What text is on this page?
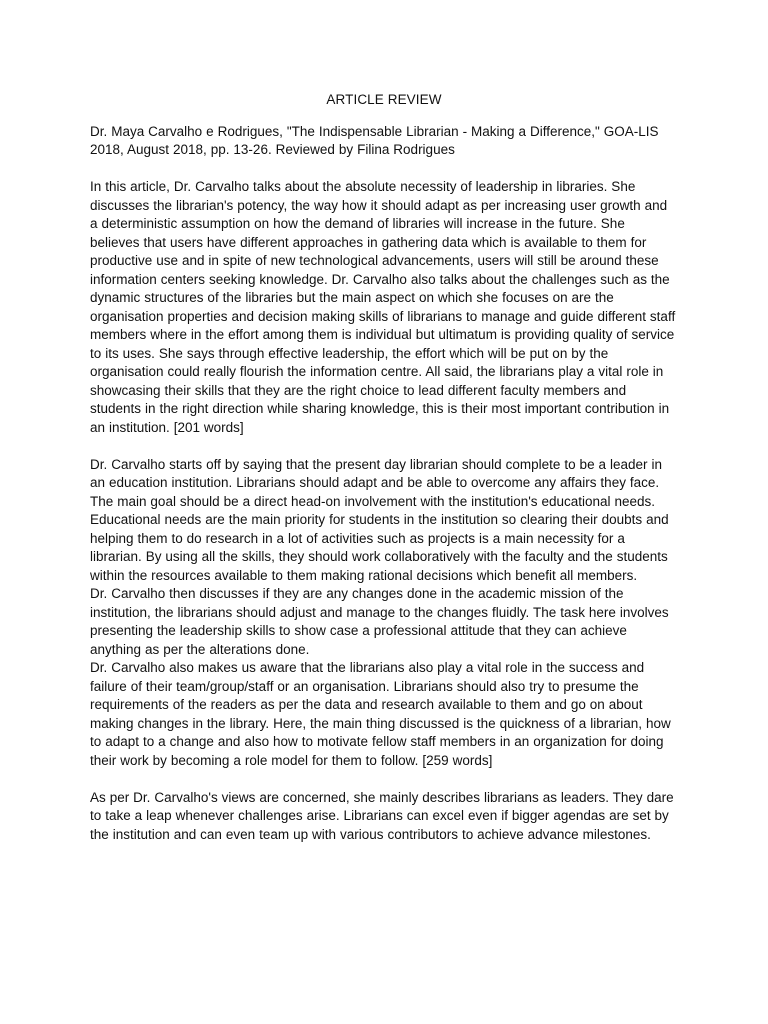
ARTICLE REVIEW

Dr. Maya Carvalho e Rodrigues, "The Indispensable Librarian - Making a Difference," GOA-LIS 2018, August 2018, pp. 13-26. Reviewed by Filina Rodrigues

In this article, Dr. Carvalho talks about the absolute necessity of leadership in libraries. She discusses the librarian's potency, the way how it should adapt as per increasing user growth and a deterministic assumption on how the demand of libraries will increase in the future. She believes that users have different approaches in gathering data which is available to them for productive use and in spite of new technological advancements, users will still be around these information centers seeking knowledge. Dr. Carvalho also talks about the challenges such as the dynamic structures of the libraries but the main aspect on which she focuses on are the organisation properties and decision making skills of librarians to manage and guide different staff members where in the effort among them is individual but ultimatum is providing quality of service to its uses. She says through effective leadership, the effort which will be put on by the organisation could really flourish the information centre. All said, the librarians play a vital role in showcasing their skills that they are the right choice to lead different faculty members and students in the right direction while sharing knowledge, this is their most important contribution in an institution. [201 words]

Dr. Carvalho starts off by saying that the present day librarian should complete to be a leader in an education institution. Librarians should adapt and be able to overcome any affairs they face. The main goal should be a direct head-on involvement with the institution's educational needs. Educational needs are the main priority for students in the institution so clearing their doubts and helping them to do research in a lot of activities such as projects is a main necessity for a librarian. By using all the skills, they should work collaboratively with the faculty and the students within the resources available to them making rational decisions which benefit all members.

Dr. Carvalho then discusses if they are any changes done in the academic mission of the institution, the librarians should adjust and manage to the changes fluidly. The task here involves presenting the leadership skills to show case a professional attitude that they can achieve anything as per the alterations done.

Dr. Carvalho also makes us aware that the librarians also play a vital role in the success and failure of their team/group/staff or an organisation. Librarians should also try to presume the requirements of the readers as per the data and research available to them and go on about making changes in the library. Here, the main thing discussed is the quickness of a librarian, how to adapt to a change and also how to motivate fellow staff members in an organization for doing their work by becoming a role model for them to follow. [259 words]

As per Dr. Carvalho's views are concerned, she mainly describes librarians as leaders. They dare to take a leap whenever challenges arise. Librarians can excel even if bigger agendas are set by the institution and can even team up with various contributors to achieve advance milestones.
